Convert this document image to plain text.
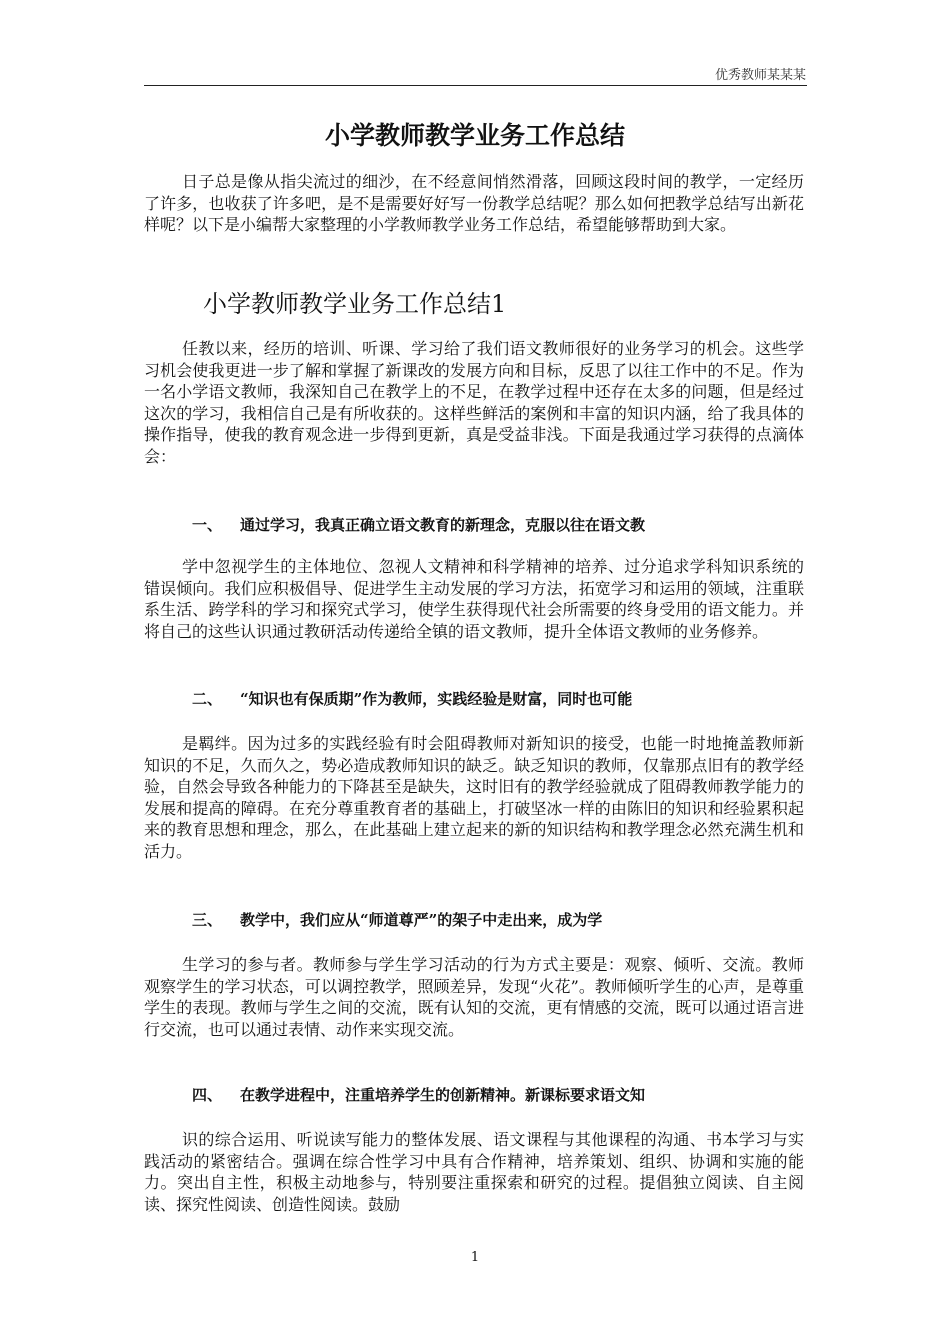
优秀教师某某某
小学教师教学业务工作总结

日子总是像从指尖流过的细沙，在不经意间悄然滑落，回顾这段时间的教学，一定经历了许多，也收获了许多吧，是不是需要好好写一份教学总结呢？那么如何把教学总结写出新花样呢？以下是小编帮大家整理的小学教师教学业务工作总结，希望能够帮助到大家。

小学教师教学业务工作总结1

任教以来，经历的培训、听课、学习给了我们语文教师很好的业务学习的机会。这些学习机会使我更进一步了解和掌握了新课改的发展方向和目标，反思了以往工作中的不足。作为一名小学语文教师，我深知自己在教学上的不足，在教学过程中还存在太多的问题，但是经过这次的学习，我相信自己是有所收获的。这样些鲜活的案例和丰富的知识内涵，给了我具体的操作指导，使我的教育观念进一步得到更新，真是受益非浅。下面是我通过学习获得的点滴体会：

一、 通过学习，我真正确立语文教育的新理念，克服以往在语文教

学中忽视学生的主体地位、忽视人文精神和科学精神的培养、过分追求学科知识系统的错误倾向。我们应积极倡导、促进学生主动发展的学习方法，拓宽学习和运用的领域，注重联系生活、跨学科的学习和探究式学习，使学生获得现代社会所需要的终身受用的语文能力。并将自己的这些认识通过教研活动传递给全镇的语文教师，提升全体语文教师的业务修养。

二、 “知识也有保质期”作为教师，实践经验是财富，同时也可能

是羁绊。因为过多的实践经验有时会阻碍教师对新知识的接受，也能一时地掩盖教师新知识的不足，久而久之，势必造成教师知识的缺乏。缺乏知识的教师，仅靠那点旧有的教学经验，自然会导致各种能力的下降甚至是缺失，这时旧有的教学经验就成了阻碍教师教学能力的发展和提高的障碍。在充分尊重教育者的基础上，打破坚冰一样的由陈旧的知识和经验累积起来的教育思想和理念，那么，在此基础上建立起来的新的知识结构和教学理念必然充满生机和活力。

三、 教学中，我们应从“师道尊严”的架子中走出来，成为学

生学习的参与者。教师参与学生学习活动的行为方式主要是：观察、倾听、交流。教师观察学生的学习状态，可以调控教学，照顾差异，发现“火花”。教师倾听学生的心声，是尊重学生的表现。教师与学生之间的交流，既有认知的交流，更有情感的交流，既可以通过语言进行交流，也可以通过表情、动作来实现交流。

四、 在教学进程中，注重培养学生的创新精神。新课标要求语文知

识的综合运用、听说读写能力的整体发展、语文课程与其他课程的沟通、书本学习与实践活动的紧密结合。强调在综合性学习中具有合作精神，培养策划、组织、协调和实施的能力。突出自主性，积极主动地参与，特别要注重探索和研究的过程。提倡独立阅读、自主阅读、探究性阅读、创造性阅读。鼓励

1
